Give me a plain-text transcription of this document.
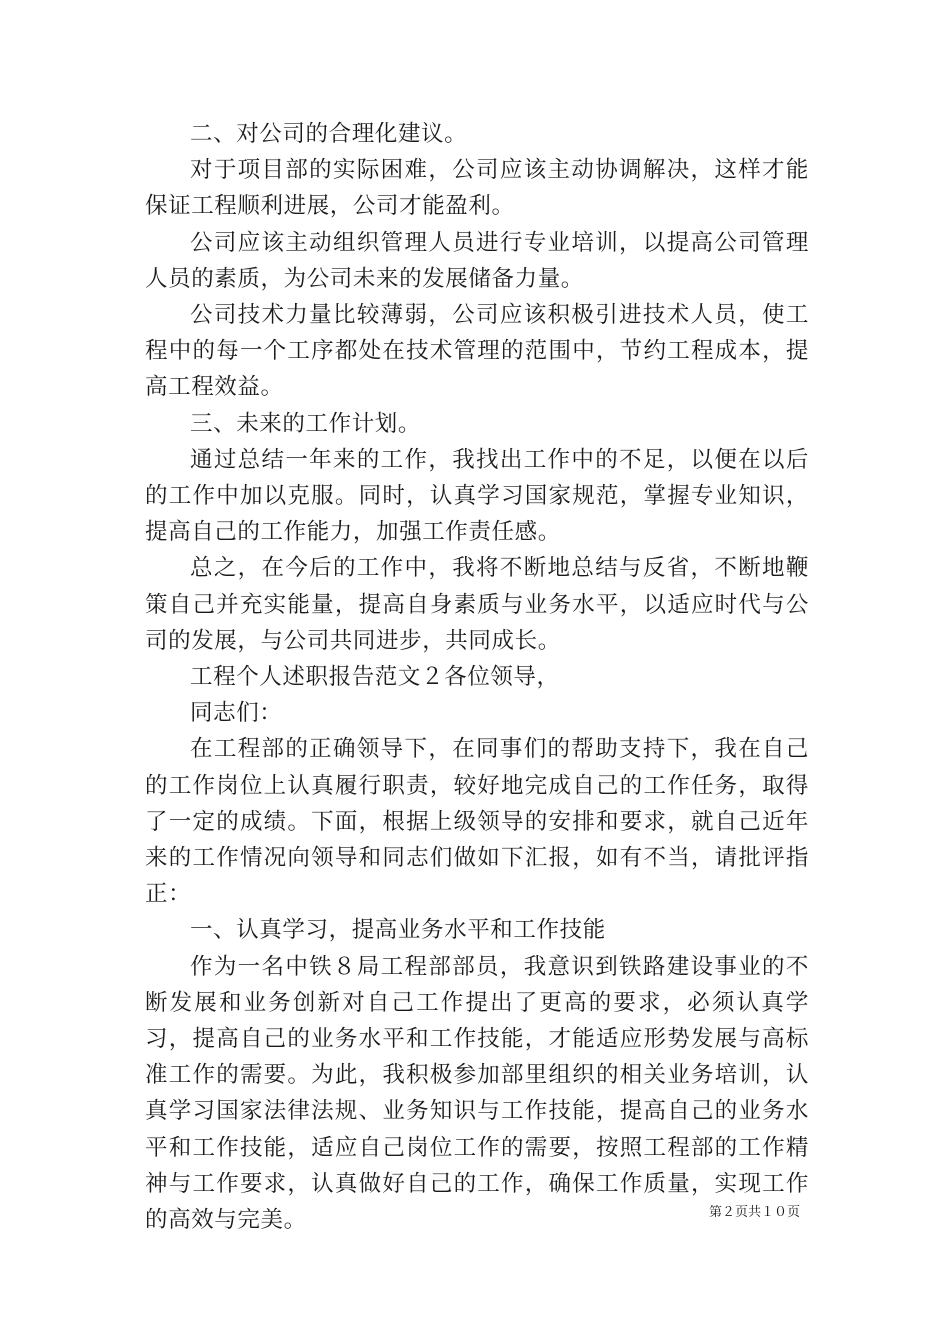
二、对公司的合理化建议。

对于项目部的实际困难，公司应该主动协调解决，这样才能保证工程顺利进展，公司才能盈利。

公司应该主动组织管理人员进行专业培训，以提高公司管理人员的素质，为公司未来的发展储备力量。

公司技术力量比较薄弱，公司应该积极引进技术人员，使工程中的每一个工序都处在技术管理的范围中，节约工程成本，提高工程效益。

三、未来的工作计划。

通过总结一年来的工作，我找出工作中的不足，以便在以后的工作中加以克服。同时，认真学习国家规范，掌握专业知识，提高自己的工作能力，加强工作责任感。

总之，在今后的工作中，我将不断地总结与反省，不断地鞭策自己并充实能量，提高自身素质与业务水平，以适应时代与公司的发展，与公司共同进步，共同成长。

工程个人述职报告范文２各位领导，

同志们：

在工程部的正确领导下，在同事们的帮助支持下，我在自己的工作岗位上认真履行职责，较好地完成自己的工作任务，取得了一定的成绩。下面，根据上级领导的安排和要求，就自己近年来的工作情况向领导和同志们做如下汇报，如有不当，请批评指正：

一、认真学习，提高业务水平和工作技能

作为一名中铁８局工程部部员，我意识到铁路建设事业的不断发展和业务创新对自己工作提出了更高的要求，必须认真学习，提高自己的业务水平和工作技能，才能适应形势发展与高标准工作的需要。为此，我积极参加部里组织的相关业务培训，认真学习国家法律法规、业务知识与工作技能，提高自己的业务水平和工作技能，适应自己岗位工作的需要，按照工程部的工作精神与工作要求，认真做好自己的工作，确保工作质量，实现工作的高效与完美。	第２页共１０页
